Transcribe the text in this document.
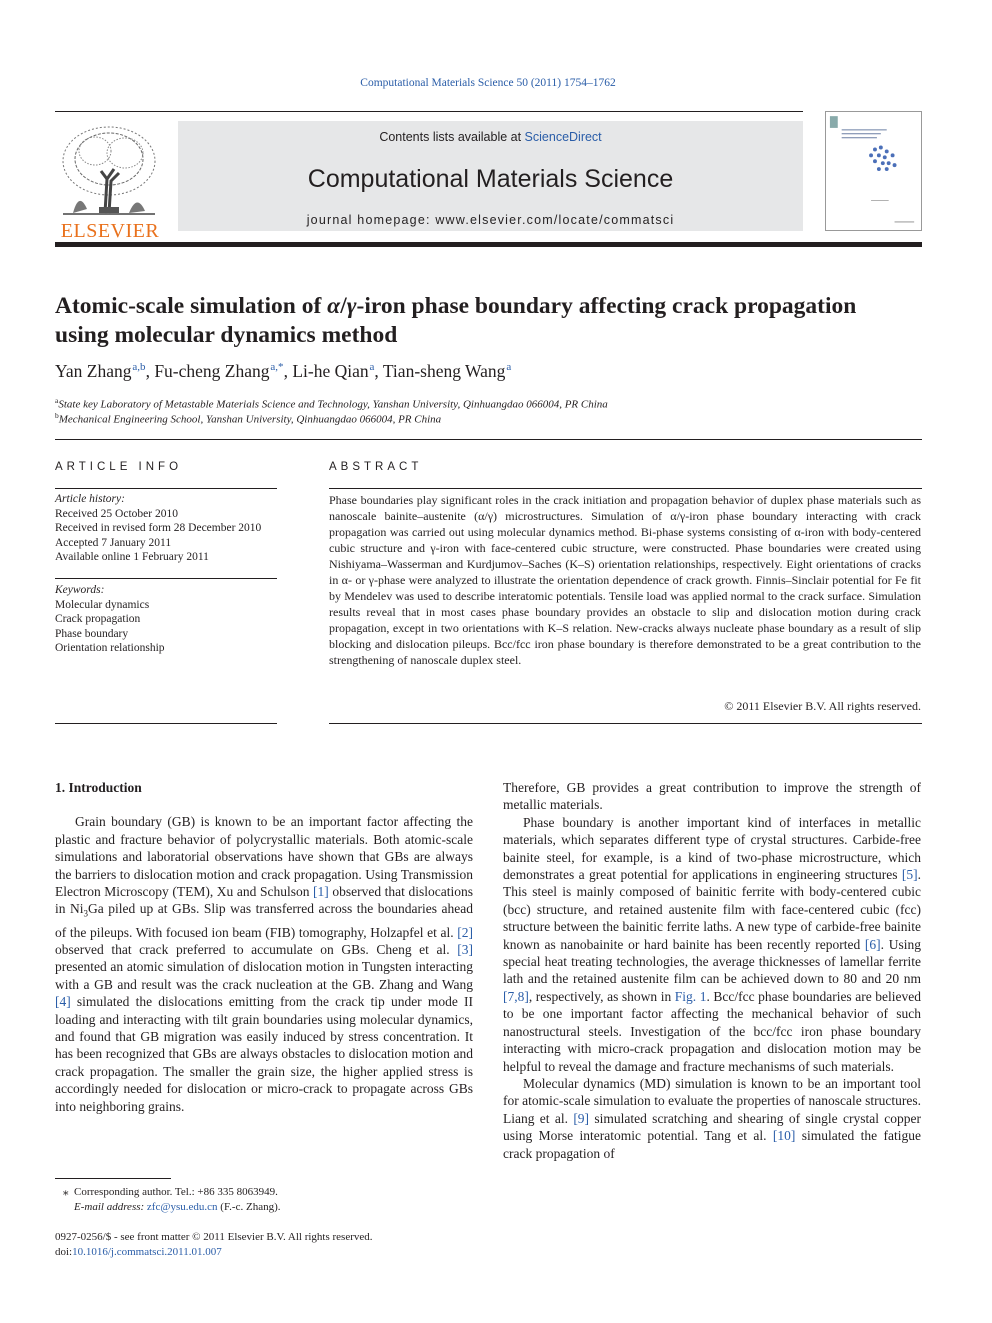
Computational Materials Science 50 (2011) 1754–1762
ELSEVIER
Contents lists available at ScienceDirect
Computational Materials Science
journal homepage: www.elsevier.com/locate/commatsci
Atomic-scale simulation of α/γ-iron phase boundary affecting crack propagation using molecular dynamics method
Yan Zhang $^{a,b}$, Fu-cheng Zhang $^{a,*}$, Li-he Qian $^a$, Tian-sheng Wang $^a$
$^a$State key Laboratory of Metastable Materials Science and Technology, Yanshan University, Qinhuangdao 066004, PR China
$^b$Mechanical Engineering School, Yanshan University, Qinhuangdao 066004, PR China
ARTICLE INFO
Article history:
Received 25 October 2010
Received in revised form 28 December 2010
Accepted 7 January 2011
Available online 1 February 2011
Keywords:
Molecular dynamics
Crack propagation
Phase boundary
Orientation relationship
ABSTRACT
Phase boundaries play significant roles in the crack initiation and propagation behavior of duplex phase materials such as nanoscale bainite–austenite (α/γ) microstructures. Simulation of α/γ-iron phase boundary interacting with crack propagation was carried out using molecular dynamics method. Bi-phase systems consisting of α-iron with body-centered cubic structure and γ-iron with face-centered cubic structure, were constructed. Phase boundaries were created using Nishiyama–Wasserman and Kurdjumov–Saches (K–S) orientation relationships, respectively. Eight orientations of cracks in α- or γ-phase were analyzed to illustrate the orientation dependence of crack growth. Finnis–Sinclair potential for Fe fit by Mendelev was used to describe interatomic potentials. Tensile load was applied normal to the crack surface. Simulation results reveal that in most cases phase boundary provides an obstacle to slip and dislocation motion during crack propagation, except in two orientations with K–S relation. New-cracks always nucleate phase boundary as a result of slip blocking and dislocation pileups. Bcc/fcc iron phase boundary is therefore demonstrated to be a great contribution to the strengthening of nanoscale duplex steel.
© 2011 Elsevier B.V. All rights reserved.
1. Introduction

Grain boundary (GB) is known to be an important factor affecting the plastic and fracture behavior of polycrystallic materials. Both atomic-scale simulations and laboratorial observations have shown that GBs are always the barriers to dislocation motion and crack propagation. Using Transmission Electron Microscopy (TEM), Xu and Schulson [1] observed that dislocations in $Ni_3Ga$ piled up at GBs. Slip was transferred across the boundaries ahead of the pileups. With focused ion beam (FIB) tomography, Holzapfel et al. [2] observed that crack preferred to accumulate on GBs. Cheng et al. [3] presented an atomic simulation of dislocation motion in Tungsten interacting with a GB and result was the crack nucleation at the GB. Zhang and Wang [4] simulated the dislocations emitting from the crack tip under mode II loading and interacting with tilt grain boundaries using molecular dynamics, and found that GB migration was easily induced by stress concentration. It has been recognized that GBs are always obstacles to dislocation motion and crack propagation. The smaller the grain size, the higher applied stress is accordingly needed for dislocation or micro-crack to propagate across GBs into neighboring grains.

Therefore, GB provides a great contribution to improve the strength of metallic materials.

Phase boundary is another important kind of interfaces in metallic materials, which separates different type of crystal structures. Carbide-free bainite steel, for example, is a kind of two-phase microstructure, which demonstrates a great potential for applications in engineering structures [5]. This steel is mainly composed of bainitic ferrite with body-centered cubic (bcc) structure, and retained austenite film with face-centered cubic (fcc) structure between the bainitic ferrite laths. A new type of carbide-free bainite known as nanobainite or hard bainite has been recently reported [6]. Using special heat treating technologies, the average thicknesses of lamellar ferrite lath and the retained austenite film can be achieved down to 80 and 20 nm [7,8], respectively, as shown in Fig. 1. Bcc/fcc phase boundaries are believed to be one important factor affecting the mechanical behavior of such nanostructural steels. Investigation of the bcc/fcc iron phase boundary interacting with micro-crack propagation and dislocation motion may be helpful to reveal the damage and fracture mechanisms of such materials.

Molecular dynamics (MD) simulation is known to be an important tool for atomic-scale simulation to evaluate the properties of nanoscale structures. Liang et al. [9] simulated scratching and shearing of single crystal copper using Morse interatomic potential. Tang et al. [10] simulated the fatigue crack propagation of

⁎ Corresponding author. Tel.: +86 335 8063949.
E-mail address: zfc@ysu.edu.cn (F.-c. Zhang).
0927-0256/$ - see front matter © 2011 Elsevier B.V. All rights reserved.
doi:10.1016/j.commatsci.2011.01.007
